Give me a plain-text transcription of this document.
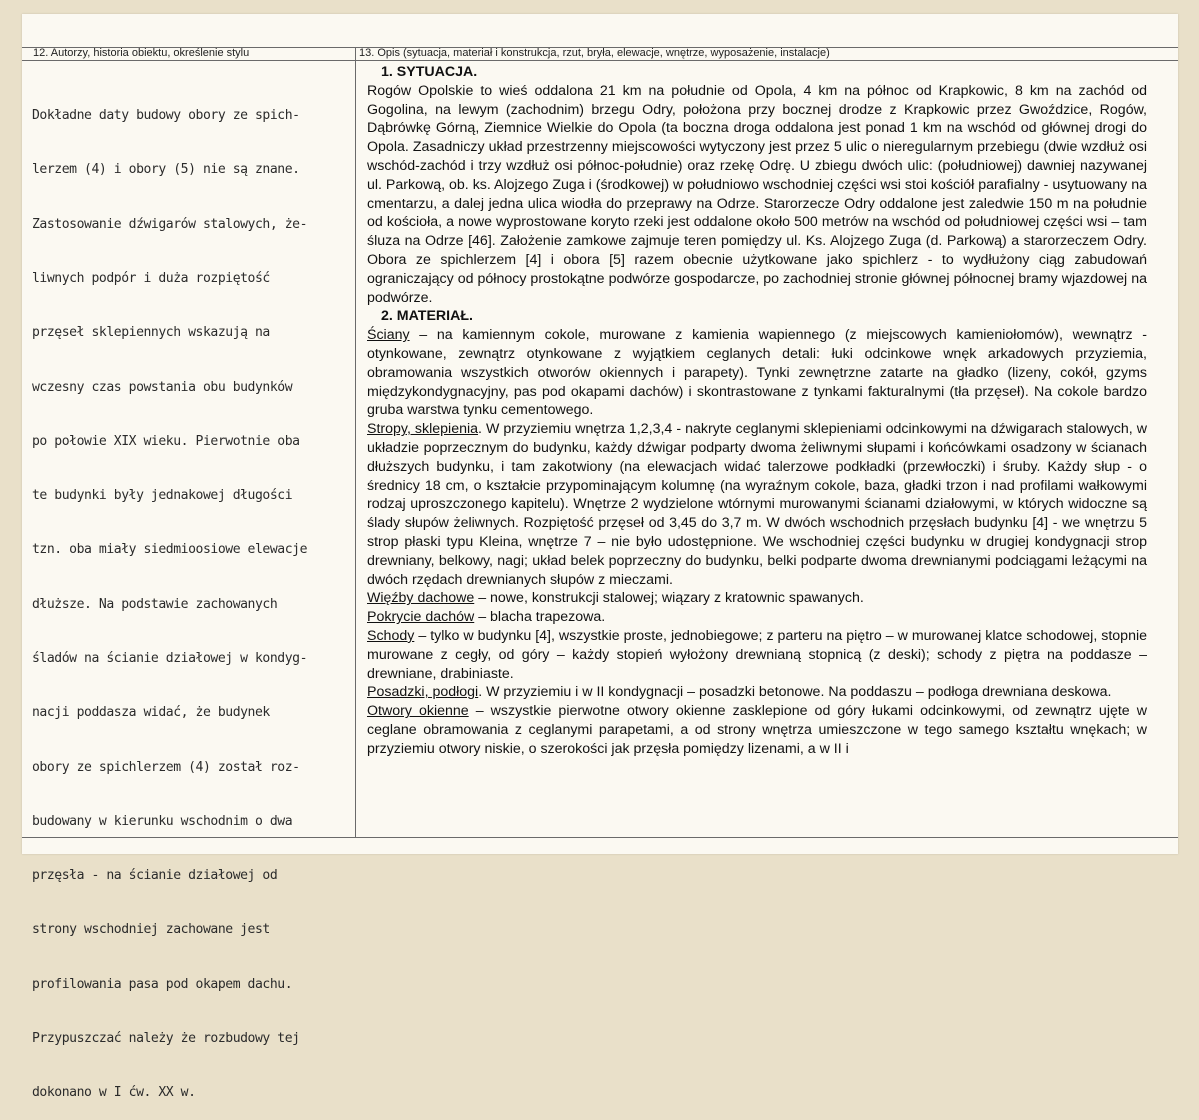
12. Autorzy, historia obiektu, określenie stylu	13. Opis (sytuacja, materiał i konstrukcja, rzut, bryła, elewacje, wnętrze, wyposażenie, instalacje)

Dokładne daty budowy obory ze spich-

lerzem (4) i obory (5) nie są znane.

Zastosowanie dźwigarów stalowych, że-

liwnych podpór i duża rozpiętość

przęseł sklepiennych wskazują na

wczesny czas powstania obu budynków

po połowie XIX wieku. Pierwotnie oba

te budynki były jednakowej długości

tzn. oba miały siedmioosiowe elewacje

dłuższe. Na podstawie zachowanych

śladów na ścianie działowej w kondyg-

nacji poddasza widać, że budynek

obory ze spichlerzem (4) został roz-

budowany w kierunku wschodnim o dwa

przęsła - na ścianie działowej od

strony wschodniej zachowane jest

profilowania pasa pod okapem dachu.

Przypuszczać należy że rozbudowy tej

dokonano w I ćw. XX w.

1. SYTUACJA.

Rogów Opolskie to wieś oddalona 21 km na południe od Opola, 4 km na północ od Krapkowic, 8 km na zachód od Gogolina, na lewym (zachodnim) brzegu Odry, położona przy bocznej drodze z Krapkowic przez Gwoździce, Rogów, Dąbrówkę Górną, Ziemnice Wielkie do Opola (ta boczna droga oddalona jest ponad 1 km na wschód od głównej drogi do Opola. Zasadniczy układ przestrzenny miejscowości wytyczony jest przez 5 ulic o nieregularnym przebiegu (dwie wzdłuż osi wschód-zachód i trzy wzdłuż osi północ-południe) oraz rzekę Odrę. U zbiegu dwóch ulic: (południowej) dawniej nazywanej ul. Parkową, ob. ks. Alojzego Zuga i (środkowej) w południowo wschodniej części wsi stoi kościół parafialny - usytuowany na cmentarzu, a dalej jedna ulica wiodła do przeprawy na Odrze. Starorzecze Odry oddalone jest zaledwie 150 m na południe od kościoła, a nowe wyprostowane koryto rzeki jest oddalone około 500 metrów na wschód od południowej części wsi – tam śluza na Odrze [46]. Założenie zamkowe zajmuje teren pomiędzy ul. Ks. Alojzego Zuga (d. Parkową) a starorzeczem Odry. Obora ze spichlerzem [4] i obora [5] razem obecnie użytkowane jako spichlerz - to wydłużony ciąg zabudowań ograniczający od północy prostokątne podwórze gospodarcze, po zachodniej stronie głównej północnej bramy wjazdowej na podwórze.

2. MATERIAŁ.

Ściany – na kamiennym cokole, murowane z kamienia wapiennego (z miejscowych kamieniołomów), wewnątrz - otynkowane, zewnątrz otynkowane z wyjątkiem ceglanych detali: łuki odcinkowe wnęk arkadowych przyziemia, obramowania wszystkich otworów okiennych i parapety). Tynki zewnętrzne zatarte na gładko (lizeny, cokół, gzyms międzykondygnacyjny, pas pod okapami dachów) i skontrastowane z tynkami fakturalnymi (tła przęseł). Na cokole bardzo gruba warstwa tynku cementowego.

Stropy, sklepienia. W przyziemiu wnętrza 1,2,3,4 - nakryte ceglanymi sklepieniami odcinkowymi na dźwigarach stalowych, w układzie poprzecznym do budynku, każdy dźwigar podparty dwoma żeliwnymi słupami i końcówkami osadzony w ścianach dłuższych budynku, i tam zakotwiony (na elewacjach widać talerzowe podkładki (przewłoczki) i śruby. Każdy słup - o średnicy 18 cm, o kształcie przypominającym kolumnę (na wyraźnym cokole, baza, gładki trzon i nad profilami wałkowymi rodzaj uproszczonego kapitelu). Wnętrze 2 wydzielone wtórnymi murowanymi ścianami działowymi, w których widoczne są ślady słupów żeliwnych. Rozpiętość przęseł od 3,45 do 3,7 m. W dwóch wschodnich przęsłach budynku [4] - we wnętrzu 5 strop płaski typu Kleina, wnętrze 7 – nie było udostępnione. We wschodniej części budynku w drugiej kondygnacji strop drewniany, belkowy, nagi; układ belek poprzeczny do budynku, belki podparte dwoma drewnianymi podciągami leżącymi na dwóch rzędach drewnianych słupów z mieczami.

Więźby dachowe – nowe, konstrukcji stalowej; wiązary z kratownic spawanych.

Pokrycie dachów – blacha trapezowa.

Schody – tylko w budynku [4], wszystkie proste, jednobiegowe; z parteru na piętro – w murowanej klatce schodowej, stopnie murowane z cegły, od góry – każdy stopień wyłożony drewnianą stopnicą (z deski); schody z piętra na poddasze – drewniane, drabiniaste.

Posadzki, podłogi. W przyziemiu i w II kondygnacji – posadzki betonowe. Na poddaszu – podłoga drewniana deskowa.

Otwory okienne – wszystkie pierwotne otwory okienne zasklepione od góry łukami odcinkowymi, od zewnątrz ujęte w ceglane obramowania z ceglanymi parapetami, a od strony wnętrza umieszczone w tego samego kształtu wnękach; w przyziemiu otwory niskie, o szerokości jak przęsła pomiędzy lizenami, a w II i
